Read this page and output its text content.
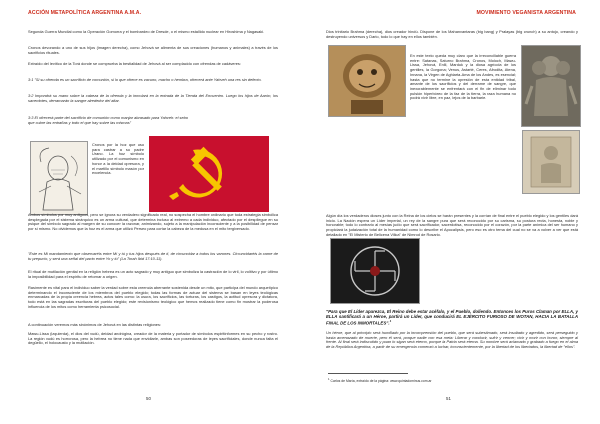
ACCIÓN METAPOLÍTICA ARGENTINA A.M.A.

Segunda Guerra Mundial como la Operación Gomorra y el bombardeo de Dresde, o el mismo estallido nuclear en Hiroshima y Nagasaki.

Cronos devorando a uno de sus hijos (imagen derecha), como Jehová se alimenta de sus creaciones (humanos y animales) a través de los sacrificios rituales.

Extraído del levítico de la Torá donde se comprueba la bestialidad de Jehová al ser complacido con ofrendas de cadáveres:

3:1 "Si su ofrenda es un sacrificio de comunión, si lo que ofrece es vacuno, macho o hembra, ofrecerá ante Yahveh una res sin defecto.

3:2 Impondrá su mano sobre la cabeza de la ofrenda y la inmolará en la entrada de la Tienda del Encuentro. Luego los hijos de Aarón, los sacerdotes, derramarán la sangre alrededor del altar.

3:3 El ofrecerá parte del sacrificio de comunión como manjar abrasado para Yahveh: el sebo que cubre las entrañas y todo el que hay sobre las mismas"

Cronos por la hoz que uso para castrar a su padre Urano. La hoz símbolo utilizado por el comunismo en honor a la deidad opresora, y el martillo símbolo masón por excelencia.

Ambos símbolos por muy antiguos, pero se ignora su verdadero significado real, no sospecha el hombre ordinario que toda estrategia simbólica desplegada por el sistema sinárquico es un arma cultural, que determina incluso al extremo a cada individuo, afectado por el despliegue en su psique del símbolo sagrado al margen de su conocer la razonar, animizando, sujeto a la manipulación inconsciente y a la posibilidad de pensar por sí mismo. No olvidemos que la hoz es el arma que utilizó Perseo para cortar la cabeza de la medusa en el mito tergiversado.

"Este es Mi mandamiento que observaréis entre Mí y tú y tus hijos después de ti, de circuncidar a todos los varones. Circuncidaréis la carne de tu prepucio, y será una señal del pacto entre Yo y tú" (La Torah Ibid 17:10-11).

El ritual de mutilación genital en la religión hebrea es un acto sagrado y muy antiguo que simboliza la castración de lo viril, lo volitivo y por último la imposibilidad para el espíritu de retornar a origen.

Rasímente es vital para el individuo saber la verdad sobre esta creencia aberrante sostenida desde un mito, que participa del mundo arquetípico determinando el inconsciente de los miembros del pueblo elegido; todas las formas de actuar del sistema se basan en leyes teológicas enmarcadas de la propia creencia hebrea, actos tales como: la usura, los sacrificios, las torturas, los castigos, la actitud opresora y dictatora, todo está en las sagradas escrituras del pueblo elegido; este revisionismo teológico que hemos realizado tiene como fin mostrar la poderosa influencia de los mitos como herramienta psicosocial.

A continuación veremos más sinónimos de Jehová en las distintas religiones:

Mawu-Lissa (izquierda), el dios del vudú, deidad andrógina, creador de la materia y portador de símbolos espiritinformes en su pecho y rostro. La región vudú es horrorosa, pero la hebrea no tiene nada que envidiarle, ambas son poseedoras de leyes sacrificiales, donde nunca falta el degüello, el holocausto y la mutilación.

50
MOVIMIENTO VEGANISTA ARGENTINA

Dios trinitario Brahma (derecha), dios creador hindú. Dispone de los Mahanvantaras (big bang) y Pralayas (big crunch) a su antojo, creando y destruyendo universos y Dario, todo lo que hay en ellos también.

En este texto queda muy claro que la irreconciliable guerra entre: Satanas, Saturno Brahma, Cronos, Moloch, Mawu-Lissa, Jehová, Enlil, Marduk y la diosa agrícola de los gentiles, la Gorgona; Venus, Astarté, Ceres, Afrodita, Atena, Innana, la Virgen de Aghiarta-Ama de los Andes, es esencial; hasta que no termine la opresión de esta entidad tribal, amante de los sacrificios y del derrame de sangre, que inexorablemente se enfrentará con el fin de eliminar todo pulsión hiperbóreo de la faz de la tierra, la raza humana no podrá vivir libre, en paz, lejos de la barbarie.

Algún día los verdaderos dioses junto con la Reina de los cielos se harán presentes y la corrían de final entre el pueblo elegido y los gentiles dará inicio. La Nación espera un Líder imperial, un rey de la sangre pura que será reconocido por su carisma, su postura recta, honesta, noble y honorable; todo lo contrario al mesías judío que será sacrificador, sacerdotisa, reconocido por el corazón, por la parte anímica del ser humano y propiciará la judaización total de la humanidad como lo describe el Apocalipsis, pero eso es otro tema del cual no se va a volver a ver que está detallado en "El Misterio de Belicena Villca" de Nimrod de Rosario.

"Para que El Líder aparezca, El Reino debe estar acéfalo, y el Pueblo, dolíendo. Entonces los Puros Claman por ELLA, y ELLA santificará a un Héroe, partirá un Líder, que conducirá EL EJÉRCITO FURIOSO DE WOTAN, HACIA LA BATALLA FINAL DE LOS INMORTALES".$^1$

Un héroe, que al principio será humillado por la incomprensión del pueblo, que será subestimado, será insultado y agredido, será perseguido y hasta amenazado de muerte, pero él será, porque nadie con esa meta: Liberar y conducir, sufrir y vencer; vivir y morir con honor, siempre al frente. Al final será indiscutido y puan lo sigan será eterno, porque la Patria será eterna. Su nombre será aclamado y grabado a fuego en el alma de la República Argentina, a partir de su emergencia comenzó a luchar, inconscientemente, por la libertad de los libertados, la libertad de "ellos".

$^1$ Carlos de María, extraído de la página: www.quintadominus.com.ar

51
